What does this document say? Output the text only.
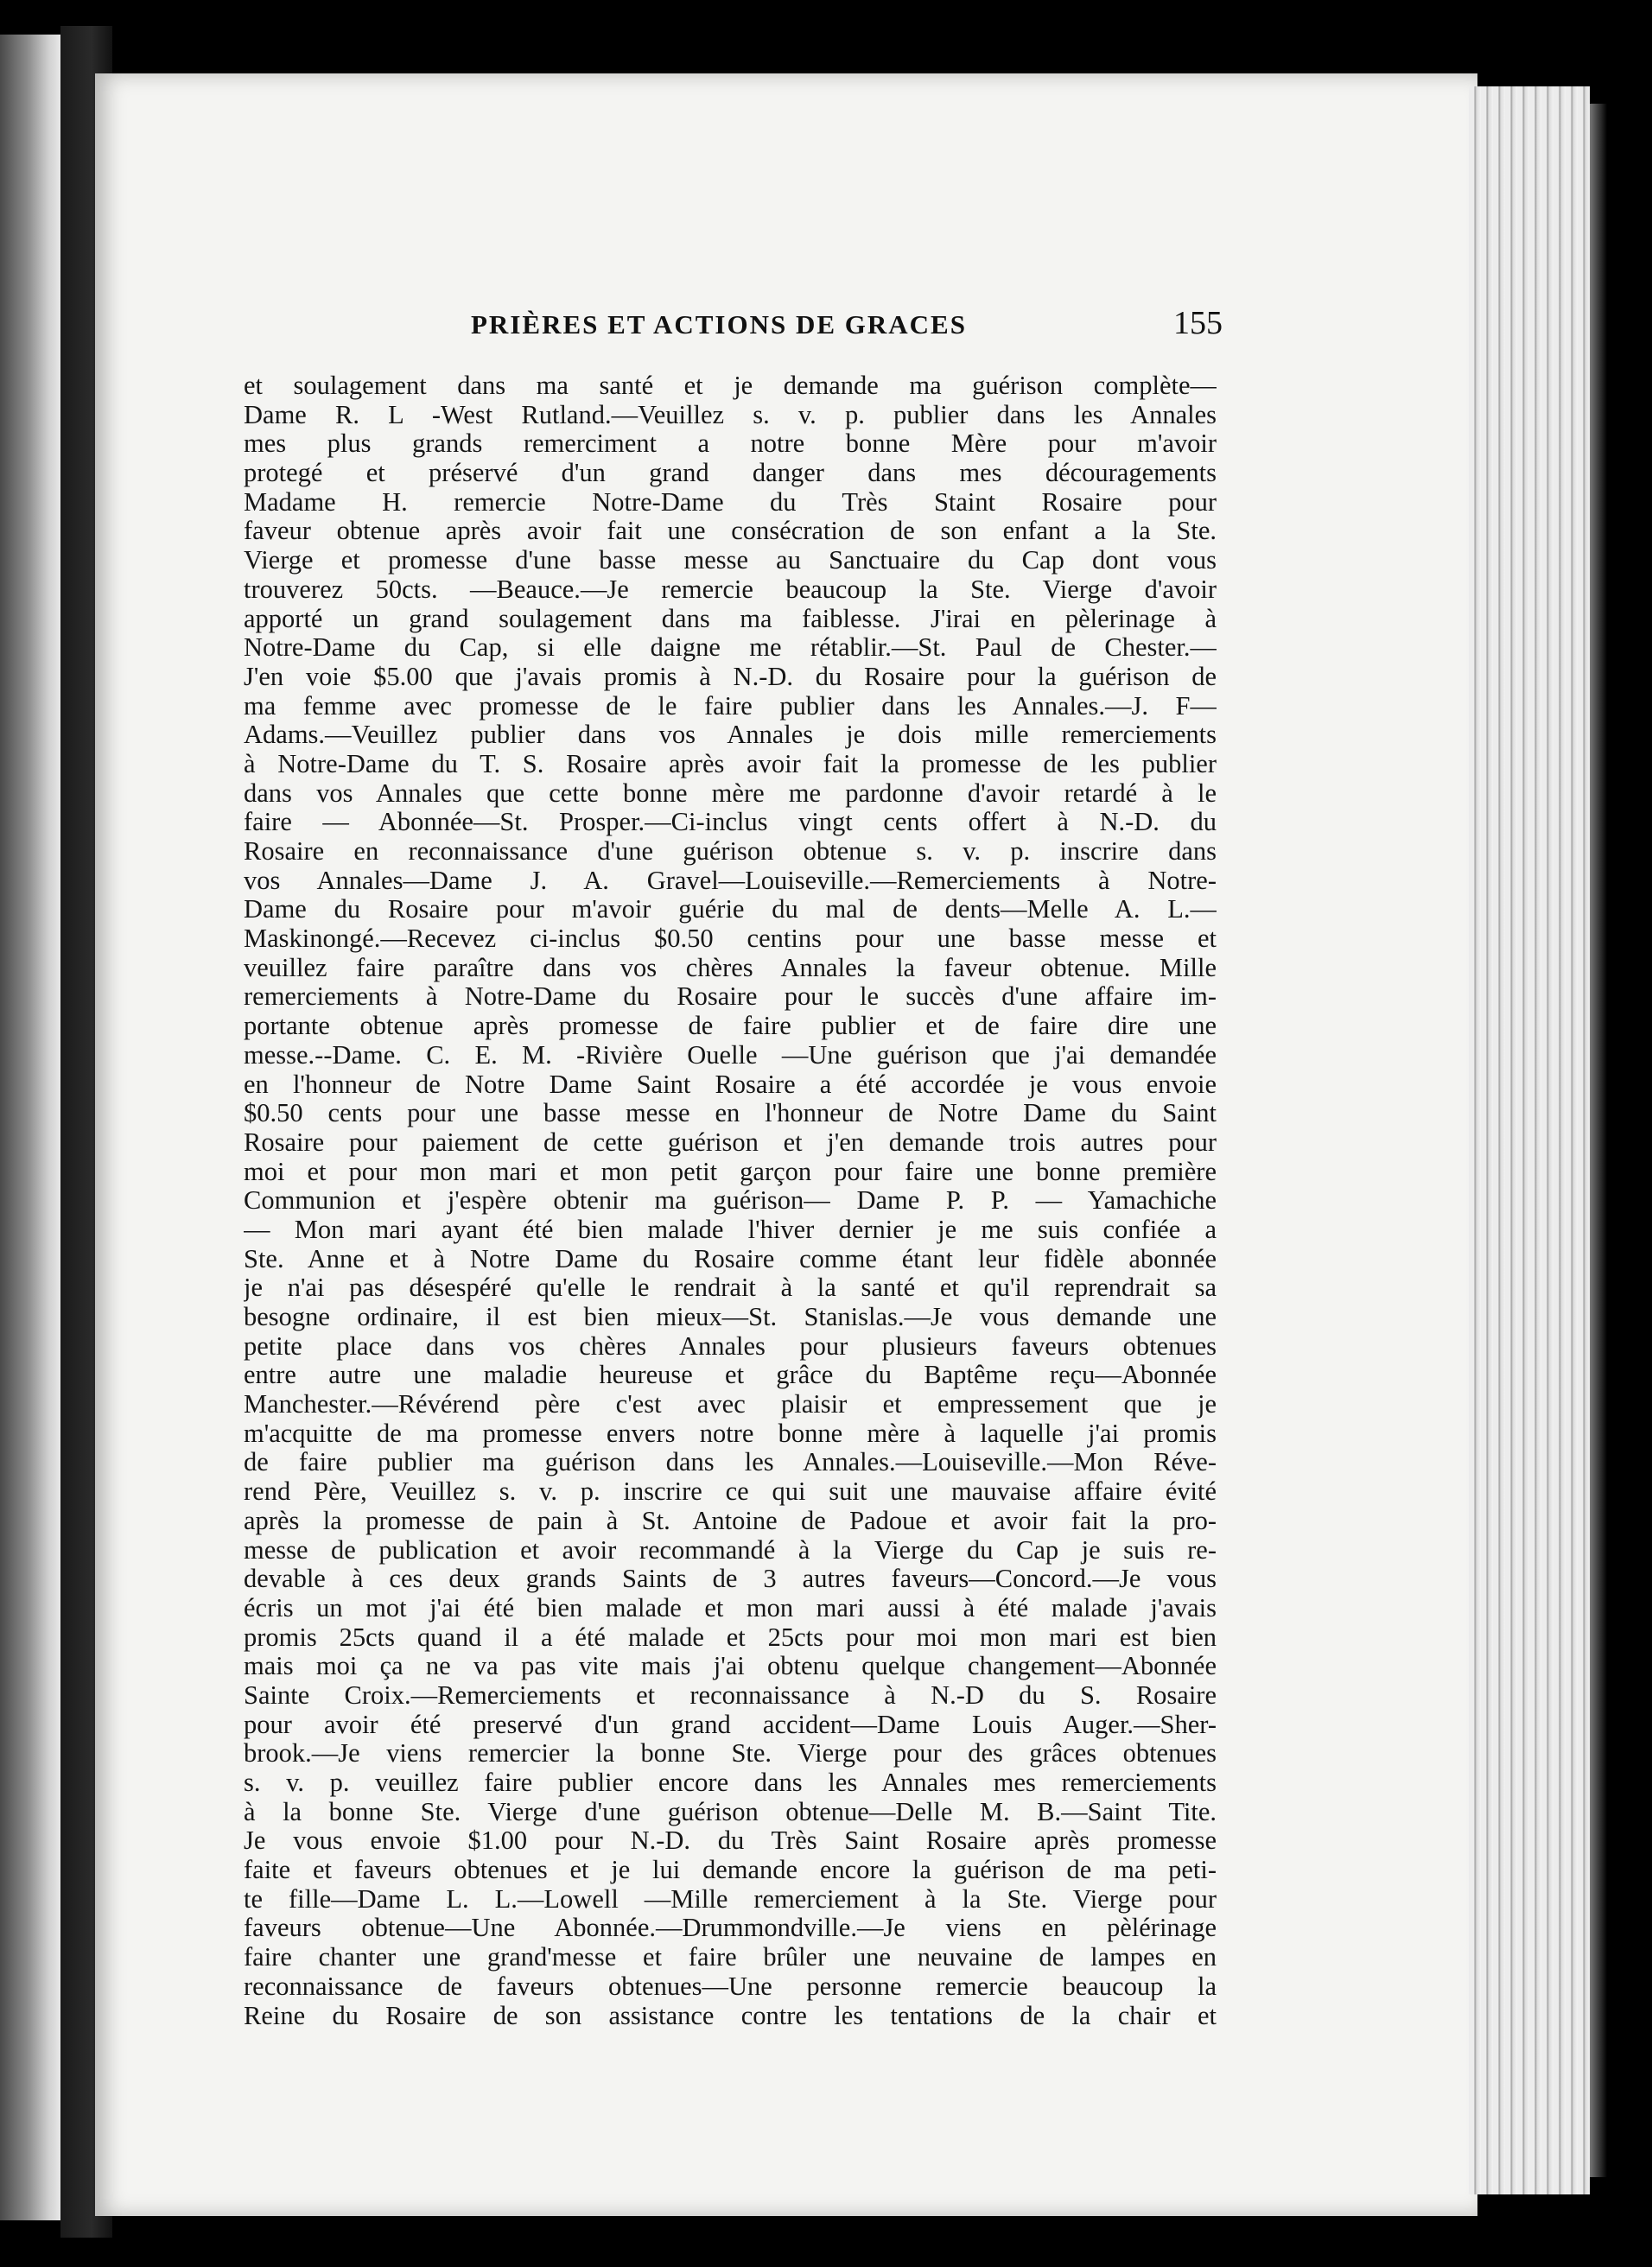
PRIÈRES ET ACTIONS DE GRACES	155
et soulagement dans ma santé et je demande ma guérison complète—
Dame R. L -West Rutland.—Veuillez s. v. p. publier dans les Annales
mes plus grands remerciment a notre bonne Mère pour m'avoir
protegé et préservé d'un grand danger dans mes découragements
Madame H. remercie Notre-Dame du Très Staint Rosaire pour
faveur obtenue après avoir fait une consécration de son enfant a la Ste.
Vierge et promesse d'une basse messe au Sanctuaire du Cap dont vous
trouverez 50cts. —Beauce.—Je remercie beaucoup la Ste. Vierge d'avoir
apporté un grand soulagement dans ma faiblesse. J'irai en pèlerinage à
Notre-Dame du Cap, si elle daigne me rétablir.—St. Paul de Chester.—
J'en voie $5.00 que j'avais promis à N.-D. du Rosaire pour la guérison de
ma femme avec promesse de le faire publier dans les Annales.—J. F—
Adams.—Veuillez publier dans vos Annales je dois mille remerciements
à Notre-Dame du T. S. Rosaire après avoir fait la promesse de les publier
dans vos Annales que cette bonne mère me pardonne d'avoir retardé à le
faire — Abonnée—St. Prosper.—Ci-inclus vingt cents offert à N.-D. du
Rosaire en reconnaissance d'une guérison obtenue s. v. p. inscrire dans
vos Annales—Dame J. A. Gravel—Louiseville.—Remerciements à Notre-
Dame du Rosaire pour m'avoir guérie du mal de dents—Melle A. L.—
Maskinongé.—Recevez ci-inclus $0.50 centins pour une basse messe et
veuillez faire paraître dans vos chères Annales la faveur obtenue. Mille
remerciements à Notre-Dame du Rosaire pour le succès d'une affaire im-
portante obtenue après promesse de faire publier et de faire dire une
messe.--Dame. C. E. M. -Rivière Ouelle —Une guérison que j'ai demandée
en l'honneur de Notre Dame Saint Rosaire a été accordée je vous envoie
$0.50 cents pour une basse messe en l'honneur de Notre Dame du Saint
Rosaire pour paiement de cette guérison et j'en demande trois autres pour
moi et pour mon mari et mon petit garçon pour faire une bonne première
Communion et j'espère obtenir ma guérison— Dame P. P. — Yamachiche
— Mon mari ayant été bien malade l'hiver dernier je me suis confiée a
Ste. Anne et à Notre Dame du Rosaire comme étant leur fidèle abonnée
je n'ai pas désespéré qu'elle le rendrait à la santé et qu'il reprendrait sa
besogne ordinaire, il est bien mieux—St. Stanislas.—Je vous demande une
petite place dans vos chères Annales pour plusieurs faveurs obtenues
entre autre une maladie heureuse et grâce du Baptême reçu—Abonnée
Manchester.—Révérend père c'est avec plaisir et empressement que je
m'acquitte de ma promesse envers notre bonne mère à laquelle j'ai promis
de faire publier ma guérison dans les Annales.—Louiseville.—Mon Réve-
rend Père, Veuillez s. v. p. inscrire ce qui suit une mauvaise affaire évité
après la promesse de pain à St. Antoine de Padoue et avoir fait la pro-
messe de publication et avoir recommandé à la Vierge du Cap je suis re-
devable à ces deux grands Saints de 3 autres faveurs—Concord.—Je vous
écris un mot j'ai été bien malade et mon mari aussi à été malade j'avais
promis 25cts quand il a été malade et 25cts pour moi mon mari est bien
mais moi ça ne va pas vite mais j'ai obtenu quelque changement—Abonnée
Sainte Croix.—Remerciements et reconnaissance à N.-D du S. Rosaire
pour avoir été preservé d'un grand accident—Dame Louis Auger.—Sher-
brook.—Je viens remercier la bonne Ste. Vierge pour des grâces obtenues
s. v. p. veuillez faire publier encore dans les Annales mes remerciements
à la bonne Ste. Vierge d'une guérison obtenue—Delle M. B.—Saint Tite.
Je vous envoie $1.00 pour N.-D. du Très Saint Rosaire après promesse
faite et faveurs obtenues et je lui demande encore la guérison de ma peti-
te fille—Dame L. L.—Lowell —Mille remerciement à la Ste. Vierge pour
faveurs obtenue—Une Abonnée.—Drummondville.—Je viens en pèlérinage
faire chanter une grand'messe et faire brûler une neuvaine de lampes en
reconnaissance de faveurs obtenues—Une personne remercie beaucoup la
Reine du Rosaire de son assistance contre les tentations de la chair et
